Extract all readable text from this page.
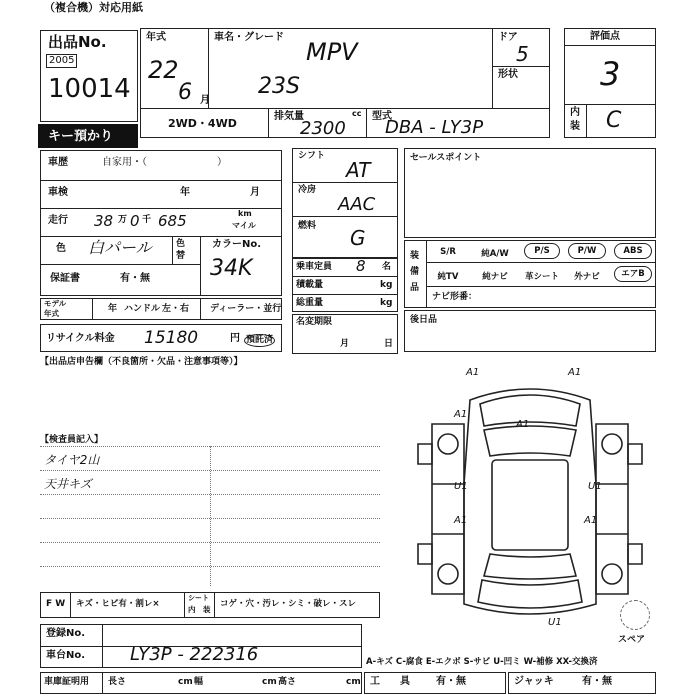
（複合機）対応用紙
出品No.
2005
10014
キー預かり
年式
22
6 月
車名・グレード
MPV
23S
ドア
5
形状
2WD・4WD
排気量	cc
2300
型式
DBA - LY3P
評価点
3
内
装 C
車歴	自家用・（　　　　　　　）
車検	年	月
走行 38 万 0 千 685	km
マイル
色 白パール	色
替
カラーNo.
34K
保証書	有・無
モデル
年式	年 ハンドル 左・右 ディーラー・並行
リサイクル料金 15180	円 預託済
シフト
AT
冷房
AAC
燃料 G
乗車定員 8 名
積載量	kg
総重量	kg
名変期限
月	日
セールスポイント
装
備
品
S/R	純A/W	P/S	P/W	ABS
純TV	純ナビ	革シート	外ナビ	エアB
ナビ形番：
後日品
【出品店申告欄（不良箇所・欠品・注意事項等）】
【検査員記入】
タイヤ2山
天井キズ
A1	A1
A1
A1
U1	U1
A1	A1
U1
スペア
F W キズ・ヒビ有・割レ×
シート
内　装
コゲ・穴・汚レ・シミ・破レ・スレ
登録No.
車台No. LY3P - 222316	A-キズ C-腐食 E-エクボ S-サビ U-凹ミ W-補修 XX-交換済
車庫証明用 長さ	cm 幅	cm 高さ	cm 工　　具	有・無	ジャッキ	有・無
